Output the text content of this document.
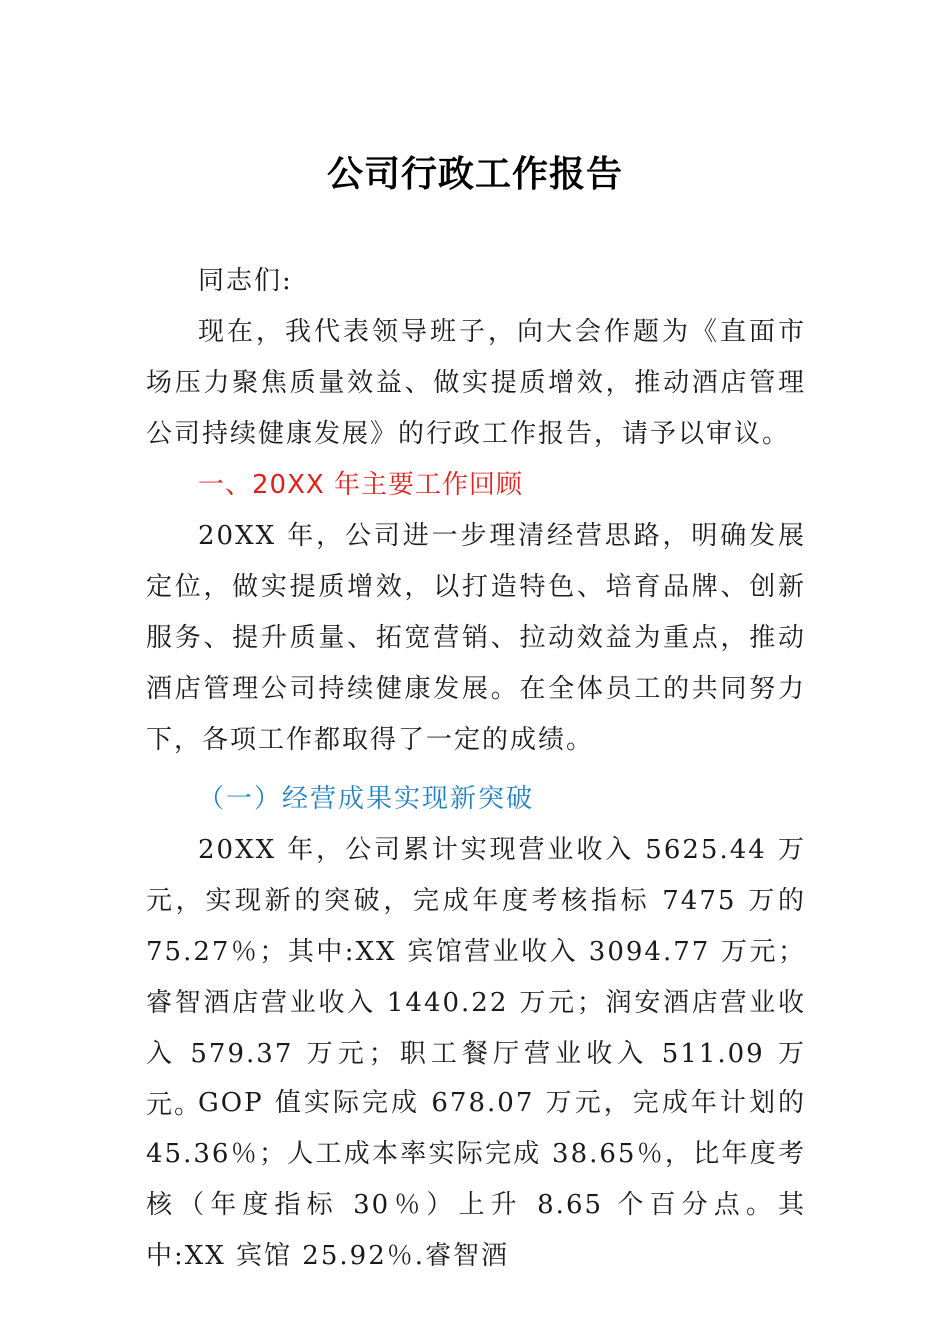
公司行政工作报告
同志们:
现在，我代表领导班子，向大会作题为《直面市场压力聚焦质量效益、做实提质增效，推动酒店管理公司持续健康发展》的行政工作报告，请予以审议。
一、20XX 年主要工作回顾
20XX 年，公司进一步理清经营思路，明确发展定位，做实提质增效，以打造特色、培育品牌、创新服务、提升质量、拓宽营销、拉动效益为重点，推动酒店管理公司持续健康发展。在全体员工的共同努力下，各项工作都取得了一定的成绩。
（一）经营成果实现新突破
20XX 年，公司累计实现营业收入 5625.44 万元，实现新的突破，完成年度考核指标 7475 万的 75.27％；其中:XX 宾馆营业收入 3094.77 万元；睿智酒店营业收入 1440.22 万元；润安酒店营业收入 579.37 万元；职工餐厅营业收入 511.09 万元。
GOP 值实际完成 678.07 万元，完成年计划的 45.36％；人工成本率实际完成 38.65％，比年度考核（年度指标 30％）上升 8.65 个百分点。其中:XX 宾馆 25.92％.睿智酒
